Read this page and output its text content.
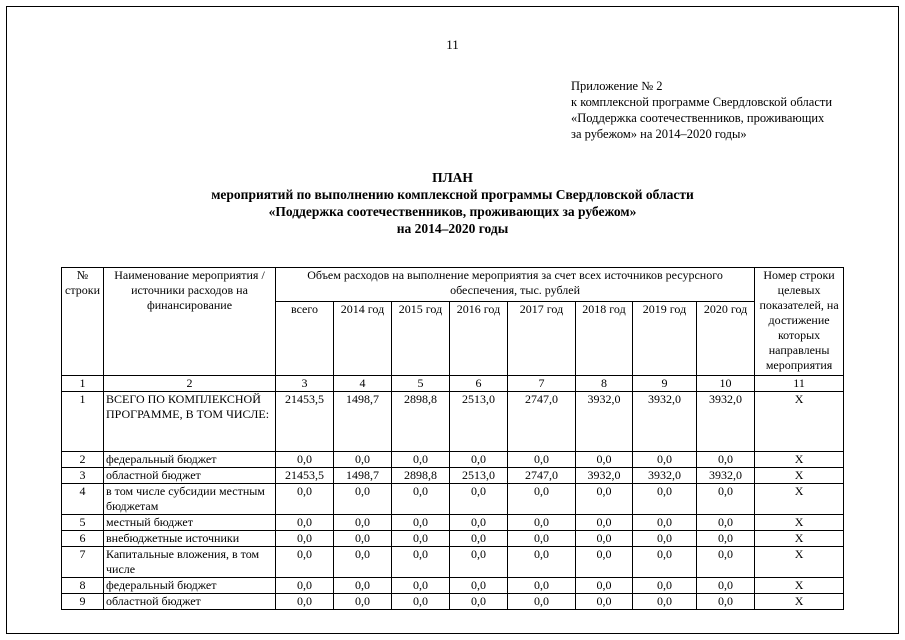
11
Приложение № 2
к комплексной программе Свердловской области
«Поддержка соотечественников, проживающих
за рубежом» на 2014–2020 годы»
ПЛАН
мероприятий по выполнению комплексной программы Свердловской области
«Поддержка соотечественников, проживающих за рубежом»
на 2014–2020 годы
№ строки	Наименование мероприятия / источники расходов на финансирование	Объем расходов на выполнение мероприятия за счет всех источников ресурсного обеспечения, тыс. рублей								Номер строки целевых показателей, на достижение которых направлены мероприятия
		всего	2014 год	2015 год	2016 год	2017 год	2018 год	2019 год	2020 год	
1	2	3	4	5	6	7	8	9	10	11
1	ВСЕГО ПО КОМПЛЕКСНОЙ ПРОГРАММЕ, В ТОМ ЧИСЛЕ:	21453,5	1498,7	2898,8	2513,0	2747,0	3932,0	3932,0	3932,0	Х
2	федеральный бюджет	0,0	0,0	0,0	0,0	0,0	0,0	0,0	0,0	Х
3	областной бюджет	21453,5	1498,7	2898,8	2513,0	2747,0	3932,0	3932,0	3932,0	Х
4	в том числе субсидии местным бюджетам	0,0	0,0	0,0	0,0	0,0	0,0	0,0	0,0	Х
5	местный бюджет	0,0	0,0	0,0	0,0	0,0	0,0	0,0	0,0	Х
6	внебюджетные источники	0,0	0,0	0,0	0,0	0,0	0,0	0,0	0,0	Х
7	Капитальные вложения, в том числе	0,0	0,0	0,0	0,0	0,0	0,0	0,0	0,0	Х
8	федеральный бюджет	0,0	0,0	0,0	0,0	0,0	0,0	0,0	0,0	Х
9	областной бюджет	0,0	0,0	0,0	0,0	0,0	0,0	0,0	0,0	Х
